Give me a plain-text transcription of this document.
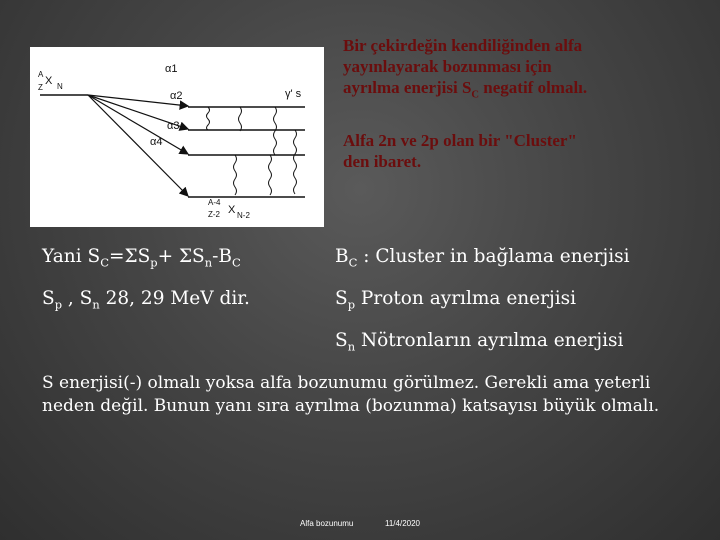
A
Z
X N
α1
α2
α3
α4
γ' s
A-4
Z-2 X N-2
Bir çekirdeğin kendiliğinden alfa
yayınlayarak bozunması için
ayrılma enerjisi $S_C$ negatif olmalı.
Alfa 2n ve 2p olan bir "Cluster"
den ibaret.
Yani $S_C=\Sigma S_p+ \Sigma S_n-B_C$
$S_p$ , $S_n$ 28, 29 MeV dir.
$B_C$ : Cluster in bağlama enerjisi
$S_p$ Proton ayrılma enerjisi
$S_n$ Nötronların ayrılma enerjisi
S enerjisi(-) olmalı yoksa alfa bozunumu görülmez. Gerekli ama yeterli neden değil. Bunun yanı sıra ayrılma (bozunma) katsayısı büyük olmalı.
Alfa bozunumu	11/4/2020
